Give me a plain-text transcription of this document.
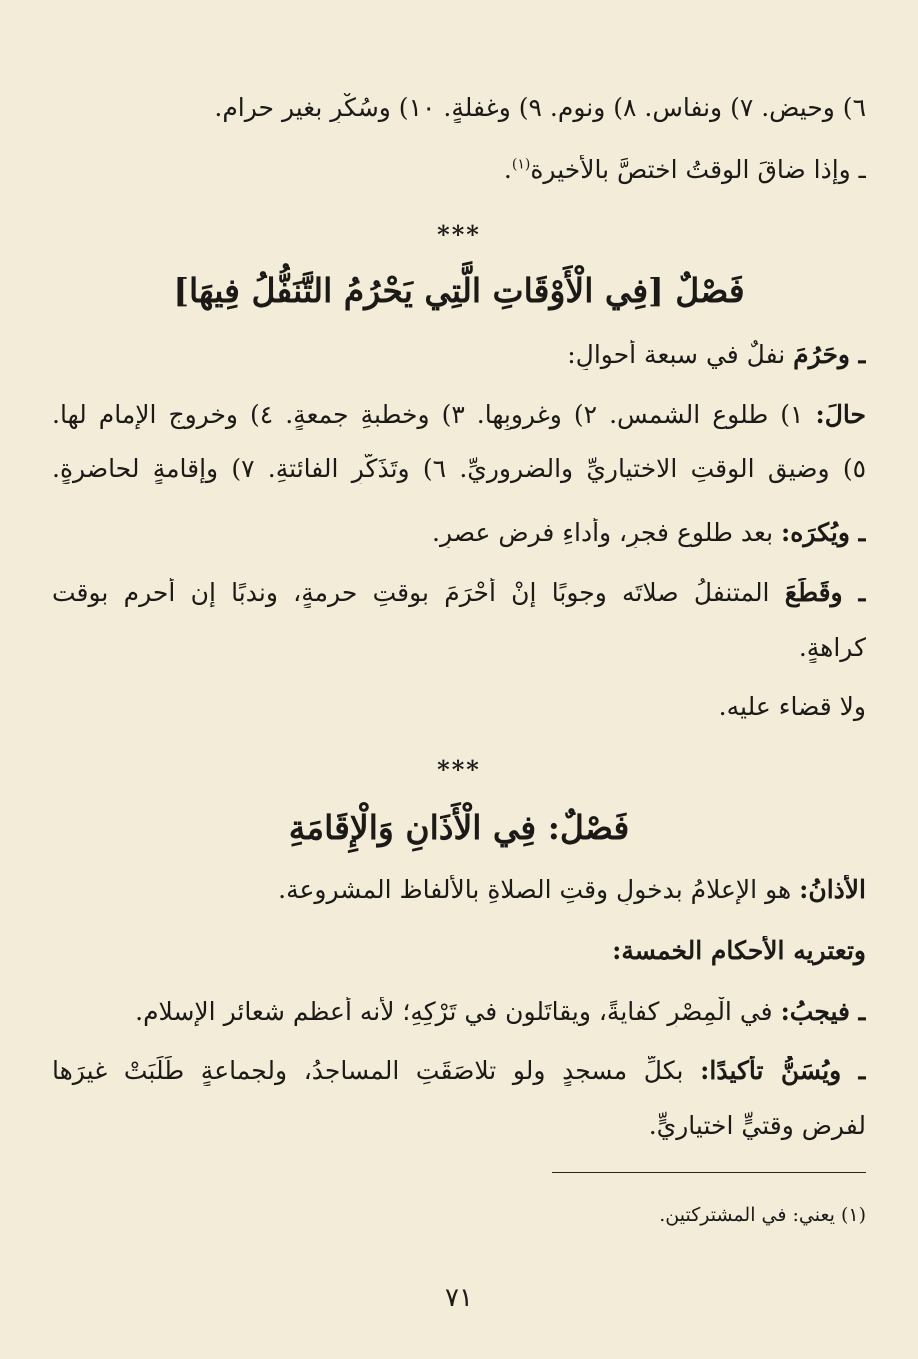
٦) وحيضٍ. ٧) ونفاسٍ. ٨) ونومٍ. ٩) وغفلةٍ. ١٠) وسُكْرٍ بغير حرامٍ.
ـ وإذا ضاقَ الوقتُ اختصَّ بالأخيرة$^{(١)}$.
***
فَصْلٌ [فِي الْأَوْقَاتِ الَّتِي يَحْرُمُ التَّنَفُّلُ فِيهَا]
ـ وحَرُمَ نفلٌ في سبعة أحوالٍ:
حالَ: ١) طلوعِ الشمس. ٢) وغروبِها. ٣) وخطبةِ جمعةٍ. ٤) وخروجِ الإمامِ لها.
٥) وضيقِ الوقتِ الاختياريِّ والضروريِّ. ٦) وتَذَكُّرِ الفائتةِ. ٧) وإقامةٍ لحاضرةٍ.
ـ ويُكرَه: بعد طلوعِ فجرٍ، وأداءِ فرضِ عصرٍ.
ـ وقَطَعَ المتنفلُ صلاتَه وجوبًا إنْ أَحْرَمَ بوقتِ حرمةٍ، وندبًا إن أحرم بوقت
كراهةٍ.
ولا قضاء عليه.
***
فَصْلٌ: فِي الْأَذَانِ وَالْإِقَامَةِ
الأذانُ: هو الإعلامُ بدخولِ وقتِ الصلاةِ بالألفاظ المشروعة.
وتعتريه الأحكام الخمسة:
ـ فيجبُ: في الْمِصْرِ كفايةً، ويقاتَلون في تَرْكِهِ؛ لأنه أعظم شعائر الإسلام.
ـ ويُسَنُّ تأكيدًا: بكلِّ مسجدٍ ولو تلاصَقَتِ المساجدُ، ولجماعةٍ طَلَبَتْ غيرَها
لفرضٍ وقتيٍّ اختياريٍّ.
(١) يعني: في المشتركتين.
٧١
